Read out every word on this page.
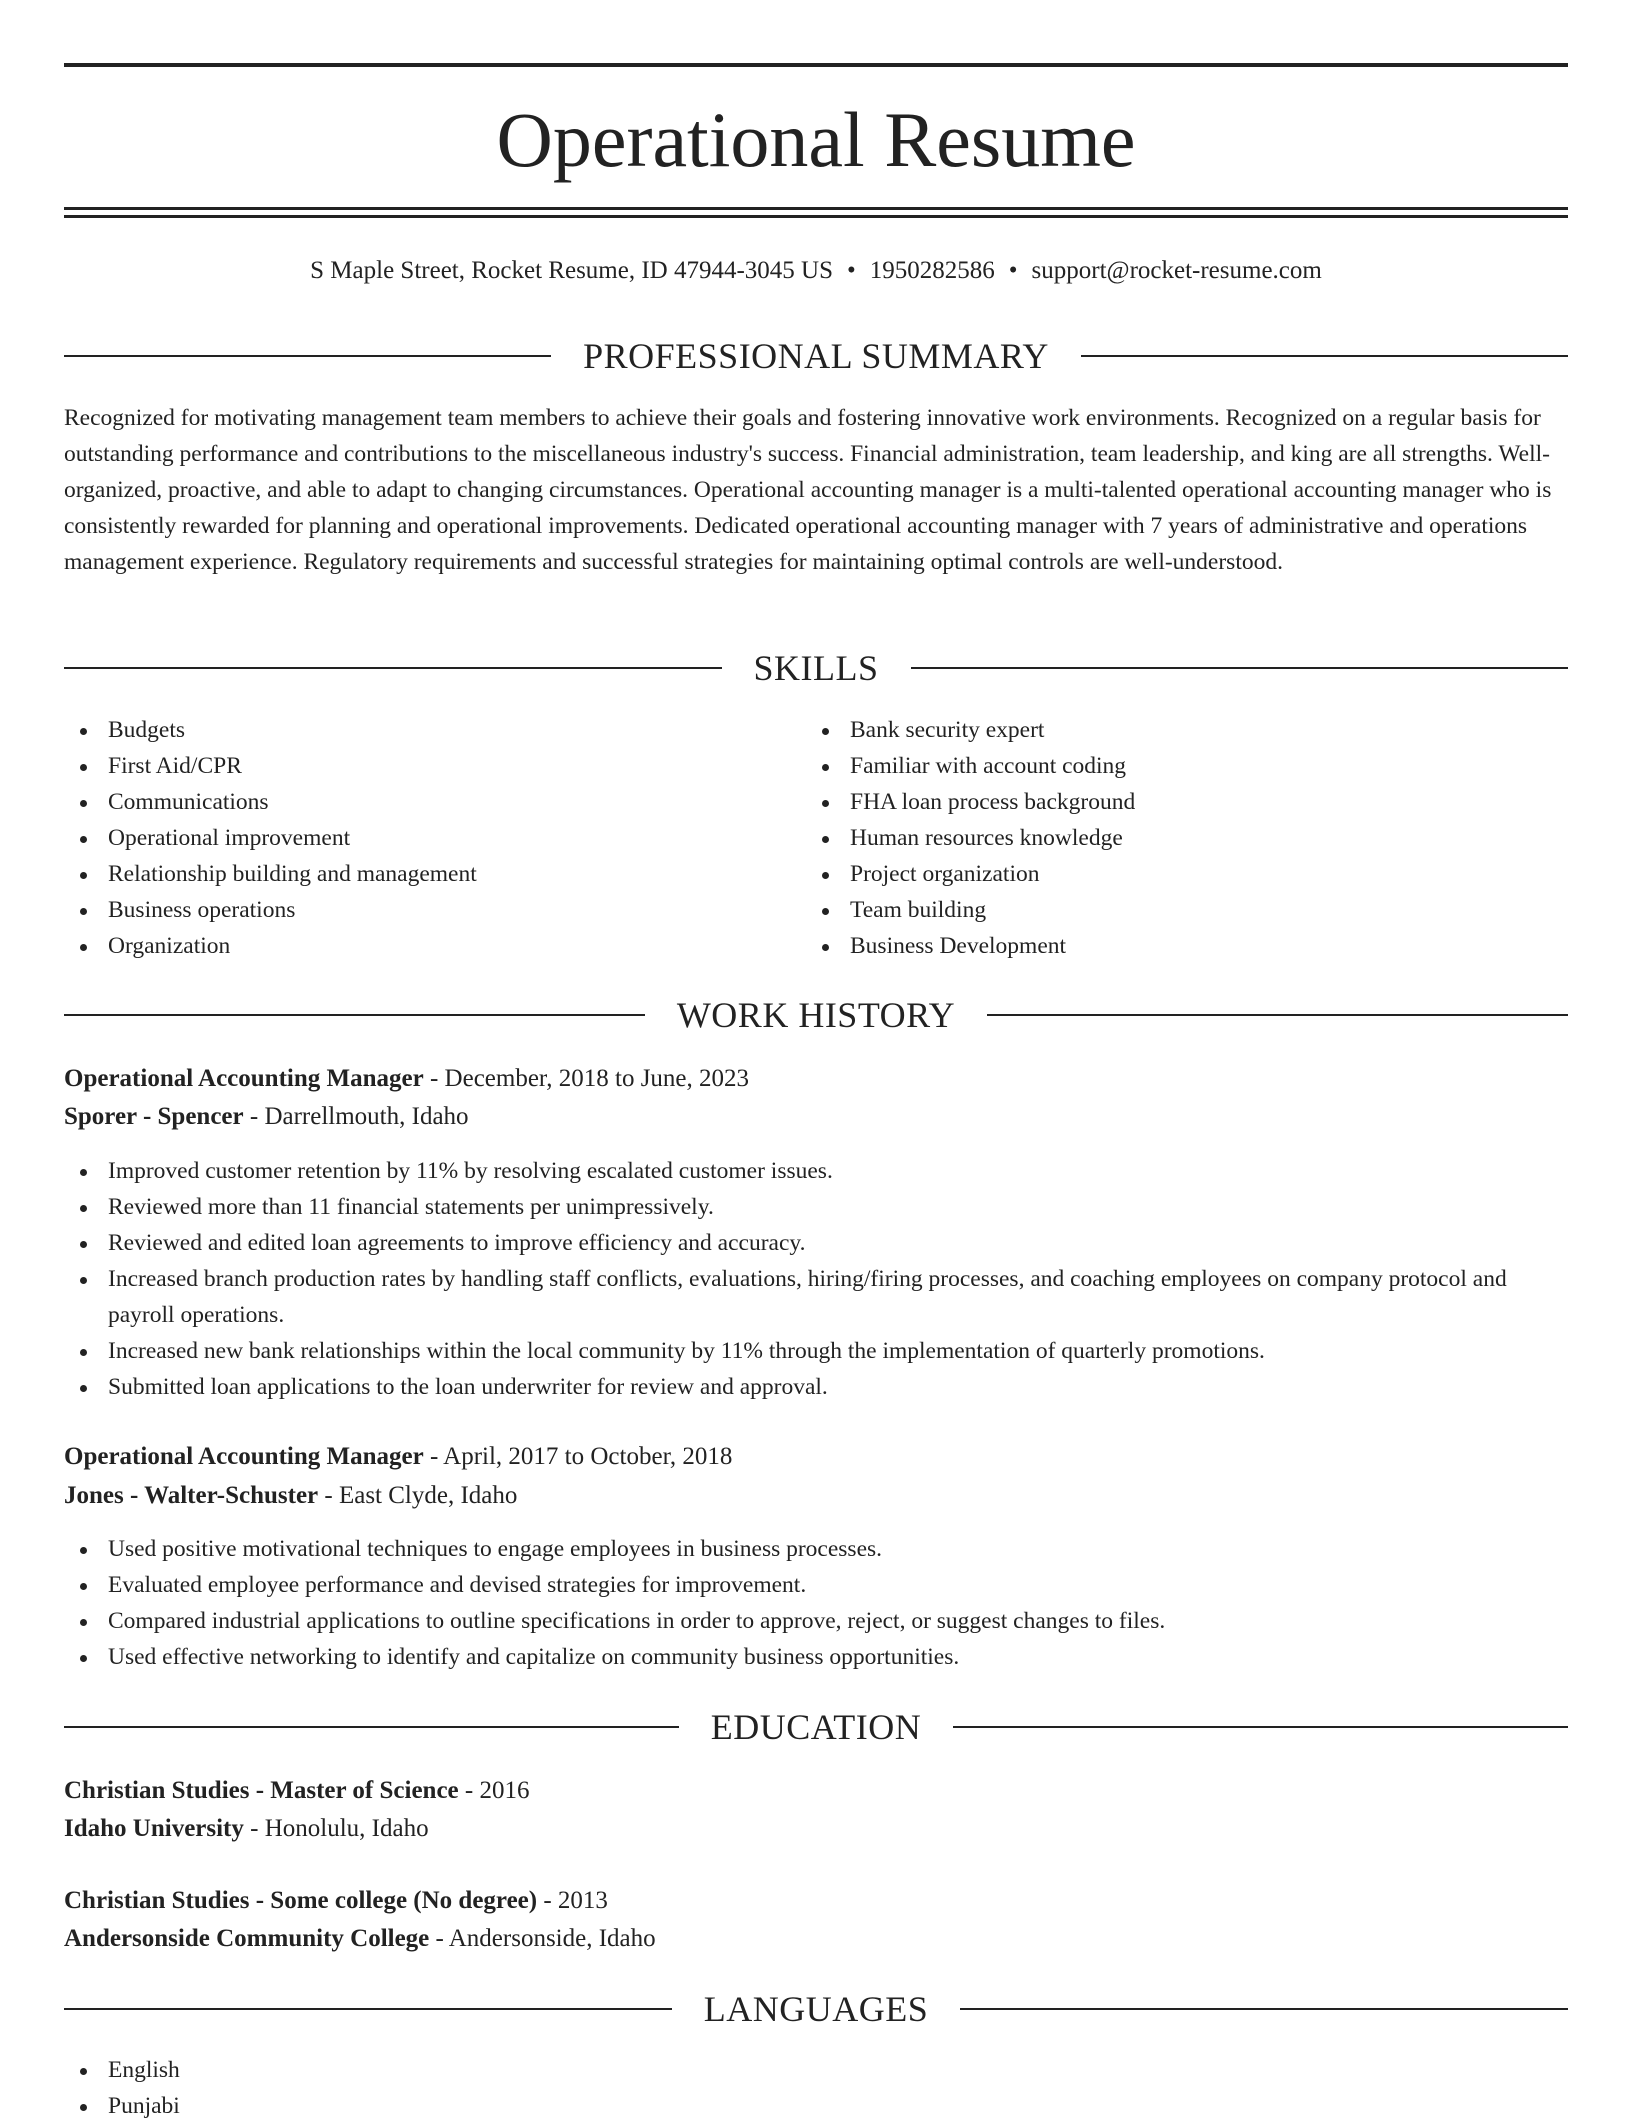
Operational Resume
S Maple Street, Rocket Resume, ID 47944-3045 US • 1950282586 • support@rocket-resume.com
PROFESSIONAL SUMMARY

Recognized for motivating management team members to achieve their goals and fostering innovative work environments. Recognized on a regular basis for outstanding performance and contributions to the miscellaneous industry's success. Financial administration, team leadership, and king are all strengths. Well-organized, proactive, and able to adapt to changing circumstances. Operational accounting manager is a multi-talented operational accounting manager who is consistently rewarded for planning and operational improvements. Dedicated operational accounting manager with 7 years of administrative and operations management experience. Regulatory requirements and successful strategies for maintaining optimal controls are well-understood.

SKILLS
Budgets
First Aid/CPR
Communications
Operational improvement
Relationship building and management
Business operations
Organization
Bank security expert
Familiar with account coding
FHA loan process background
Human resources knowledge
Project organization
Team building
Business Development
WORK HISTORY
Operational Accounting Manager - December, 2018 to June, 2023
Sporer - Spencer - Darrellmouth, Idaho
Improved customer retention by 11% by resolving escalated customer issues.
Reviewed more than 11 financial statements per unimpressively.
Reviewed and edited loan agreements to improve efficiency and accuracy.
Increased branch production rates by handling staff conflicts, evaluations, hiring/firing processes, and coaching employees on company protocol and payroll operations.
Increased new bank relationships within the local community by 11% through the implementation of quarterly promotions.
Submitted loan applications to the loan underwriter for review and approval.
Operational Accounting Manager - April, 2017 to October, 2018
Jones - Walter-Schuster - East Clyde, Idaho
Used positive motivational techniques to engage employees in business processes.
Evaluated employee performance and devised strategies for improvement.
Compared industrial applications to outline specifications in order to approve, reject, or suggest changes to files.
Used effective networking to identify and capitalize on community business opportunities.
EDUCATION
Christian Studies - Master of Science - 2016
Idaho University - Honolulu, Idaho
Christian Studies - Some college (No degree) - 2013
Andersonside Community College - Andersonside, Idaho
LANGUAGES
English
Punjabi
